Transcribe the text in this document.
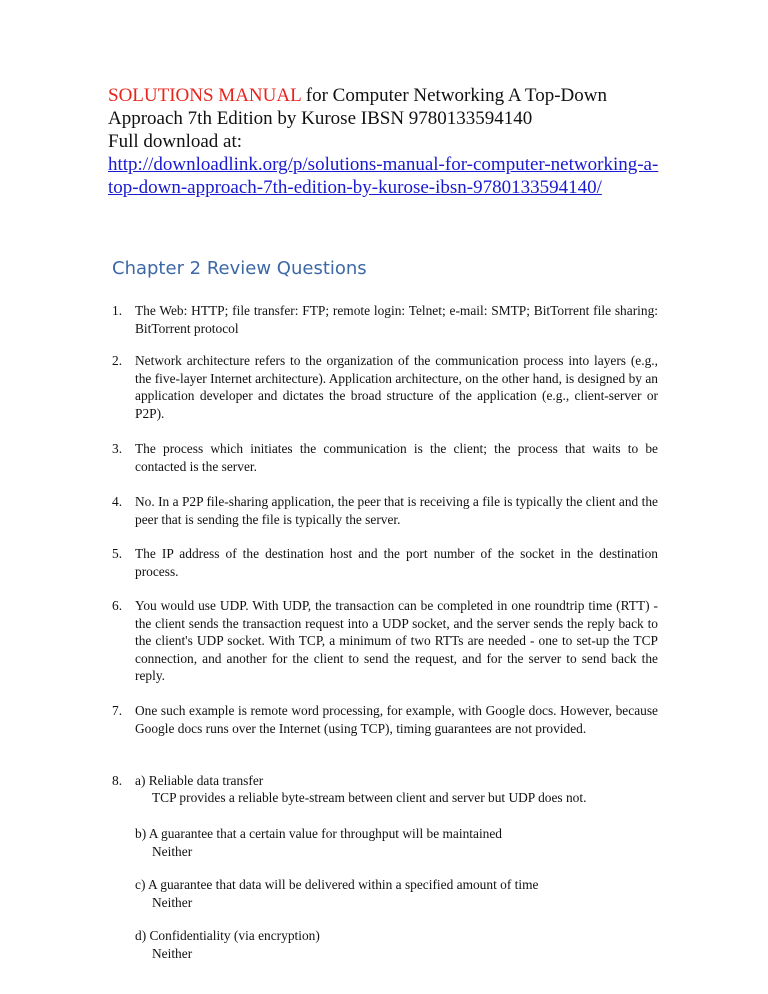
SOLUTIONS MANUAL for Computer Networking A Top-Down
Approach 7th Edition by Kurose IBSN 9780133594140
Full download at:
http://downloadlink.org/p/solutions-manual-for-computer-networking-a-
top-down-approach-7th-edition-by-kurose-ibsn-9780133594140/
Chapter 2 Review Questions
1. The Web: HTTP; file transfer: FTP; remote login: Telnet; e-mail: SMTP; BitTorrent file sharing: BitTorrent protocol
2. Network architecture refers to the organization of the communication process into layers (e.g., the five-layer Internet architecture). Application architecture, on the other hand, is designed by an application developer and dictates the broad structure of the application (e.g., client-server or P2P).
3. The process which initiates the communication is the client; the process that waits to be contacted is the server.
4. No. In a P2P file-sharing application, the peer that is receiving a file is typically the client and the peer that is sending the file is typically the server.
5. The IP address of the destination host and the port number of the socket in the destination process.
6. You would use UDP. With UDP, the transaction can be completed in one roundtrip time (RTT) - the client sends the transaction request into a UDP socket, and the server sends the reply back to the client's UDP socket. With TCP, a minimum of two RTTs are needed - one to set-up the TCP connection, and another for the client to send the request, and for the server to send back the reply.
7. One such example is remote word processing, for example, with Google docs. However, because Google docs runs over the Internet (using TCP), timing guarantees are not provided.
8. a) Reliable data transfer
TCP provides a reliable byte-stream between client and server but UDP does not.
b) A guarantee that a certain value for throughput will be maintained
Neither
c) A guarantee that data will be delivered within a specified amount of time
Neither
d) Confidentiality (via encryption)
Neither
